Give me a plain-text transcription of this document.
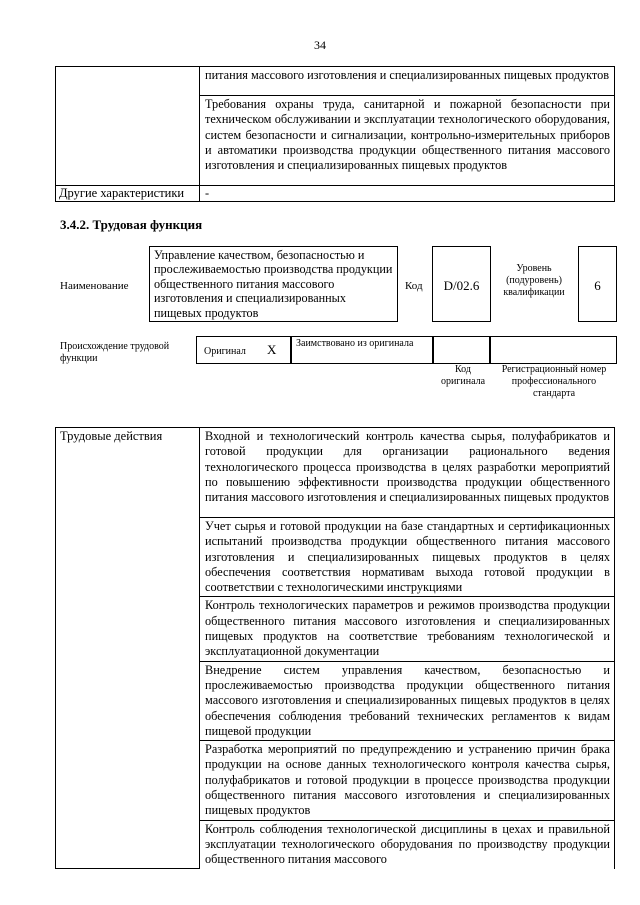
34

	питания массового изготовления и специализированных пищевых продуктов

	Требования охраны труда, санитарной и пожарной безопасности при техническом обслуживании и эксплуатации технологического оборудования, систем безопасности и сигнализации, контрольно-измерительных приборов и автоматики производства продукции общественного питания массового изготовления и специализированных пищевых продуктов

Другие характеристики	-
3.4.2. Трудовая функция
Наименование
Управление качеством, безопасностью и прослеживаемостью производства продукции общественного питания массового изготовления и специализированных пищевых продуктов
Код	D/02.6
Уровень (подуровень) квалификации	6
Происхождение трудовой функции
Оригинал X	Заимствовано из оригинала
Код оригинала
Регистрационный номер профессионального стандарта
Трудовые действия	Входной и технологический контроль качества сырья, полуфабрикатов и готовой продукции для организации рационального ведения технологического процесса производства в целях разработки мероприятий по повышению эффективности производства продукции общественного питания массового изготовления и специализированных пищевых продуктов

Учет сырья и готовой продукции на базе стандартных и сертификационных испытаний производства продукции общественного питания массового изготовления и специализированных пищевых продуктов в целях обеспечения соответствия нормативам выхода готовой продукции в соответствии с технологическими инструкциями

Контроль технологических параметров и режимов производства продукции общественного питания массового изготовления и специализированных пищевых продуктов на соответствие требованиям технологической и эксплуатационной документации

Внедрение систем управления качеством, безопасностью и прослеживаемостью производства продукции общественного питания массового изготовления и специализированных пищевых продуктов в целях обеспечения соблюдения требований технических регламентов к видам пищевой продукции

Разработка мероприятий по предупреждению и устранению причин брака продукции на основе данных технологического контроля качества сырья, полуфабрикатов и готовой продукции в процессе производства продукции общественного питания массового изготовления и специализированных пищевых продуктов

Контроль соблюдения технологической дисциплины в цехах и правильной эксплуатации технологического оборудования по производству продукции общественного питания массового
